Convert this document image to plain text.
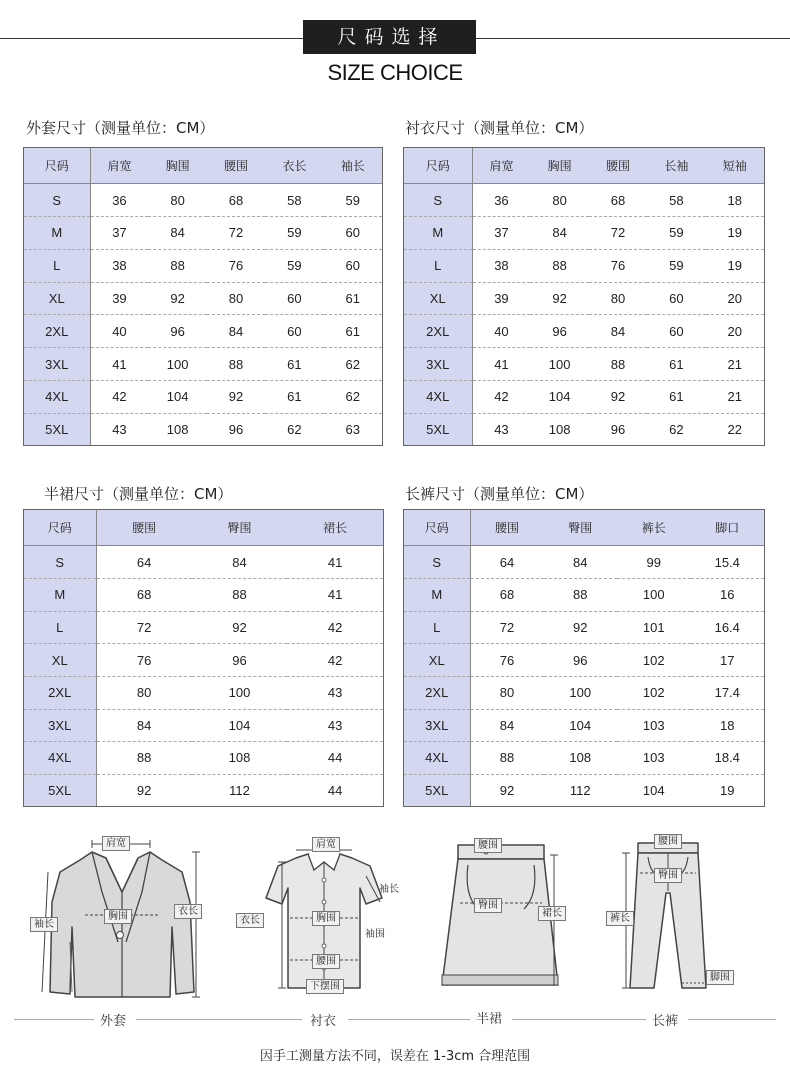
尺码选择
SIZE CHOICE
外套尺寸（测量单位：CM）	衬衣尺寸（测量单位：CM）
半裙尺寸（测量单位：CM）	长裤尺寸（测量单位：CM）
尺码	肩宽	胸围	腰围	衣长	袖长
S	36	80	68	58	59
M	37	84	72	59	60
L	38	88	76	59	60
XL	39	92	80	60	61
2XL	40	96	84	60	61
3XL	41	100	88	61	62
4XL	42	104	92	61	62
5XL	43	108	96	62	63
尺码	肩宽	胸围	腰围	长袖	短袖
S	36	80	68	58	18
M	37	84	72	59	19
L	38	88	76	59	19
XL	39	92	80	60	20
2XL	40	96	84	60	20
3XL	41	100	88	61	21
4XL	42	104	92	61	21
5XL	43	108	96	62	22
尺码	腰围	臀围	裙长
S	64	84	41
M	68	88	41
L	72	92	42
XL	76	96	42
2XL	80	100	43
3XL	84	104	43
4XL	88	108	44
5XL	92	112	44
尺码	腰围	臀围	裤长	脚口
S	64	84	99	15.4
M	68	88	100	16
L	72	92	101	16.4
XL	76	96	102	17
2XL	80	100	102	17.4
3XL	84	104	103	18
4XL	88	108	103	18.4
5XL	92	112	104	19
肩宽
胸围
袖长
衣长
肩宽
袖长
衣长	胸围
袖围
腰围
下摆围
腰围
臀围
裙长
腰围
臀围
裤长
脚围
外套	衬衣	半裙	长裤
因手工测量方法不同，误差在 1-3cm 合理范围
